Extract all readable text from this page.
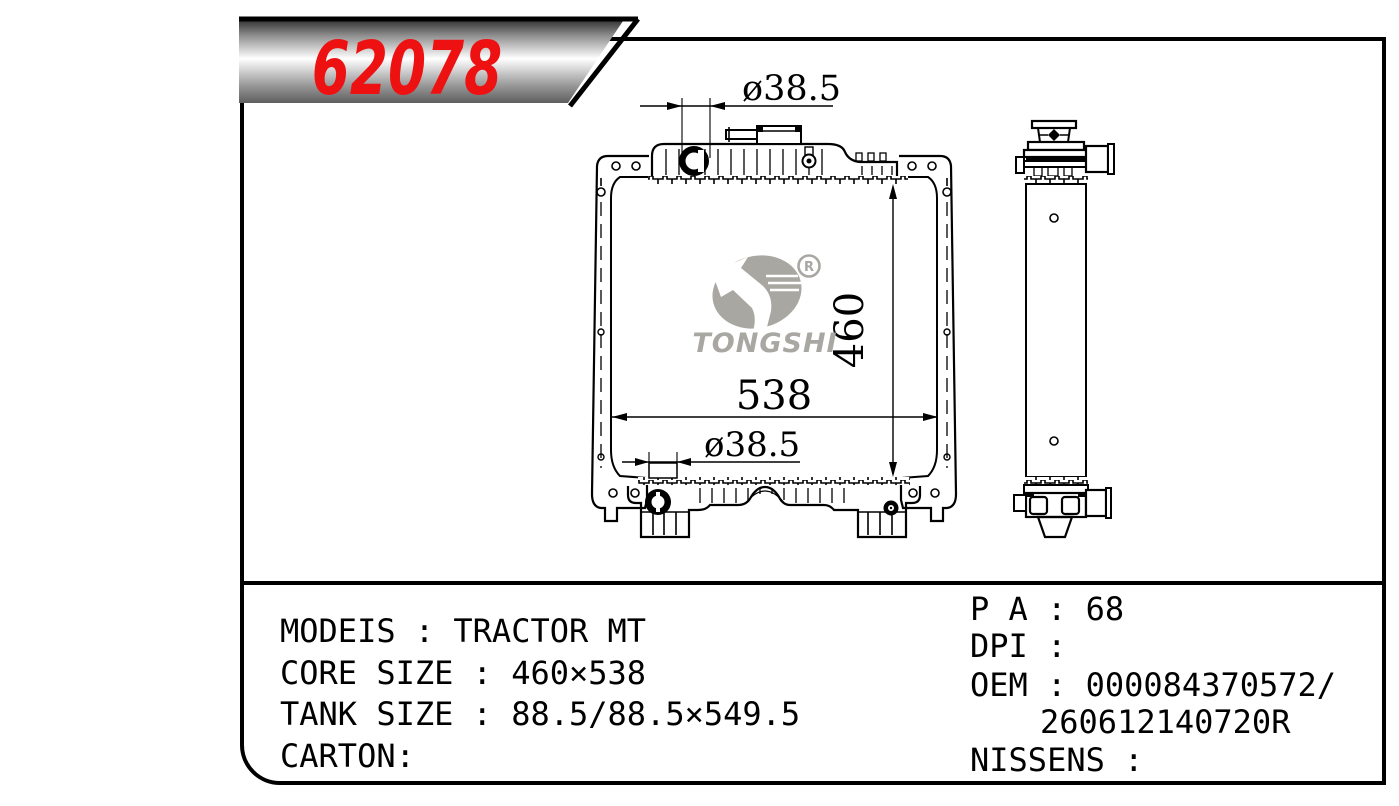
62078	ø38.5
460
538
ø38.5
R
TONGSHI
MODEIS : TRACTOR MT
CORE SIZE : 460×538
TANK SIZE : 88.5/88.5×549.5
CARTON:
P A : 68
DPI :
OEM : 000084370572/
260612140720R
NISSENS :
